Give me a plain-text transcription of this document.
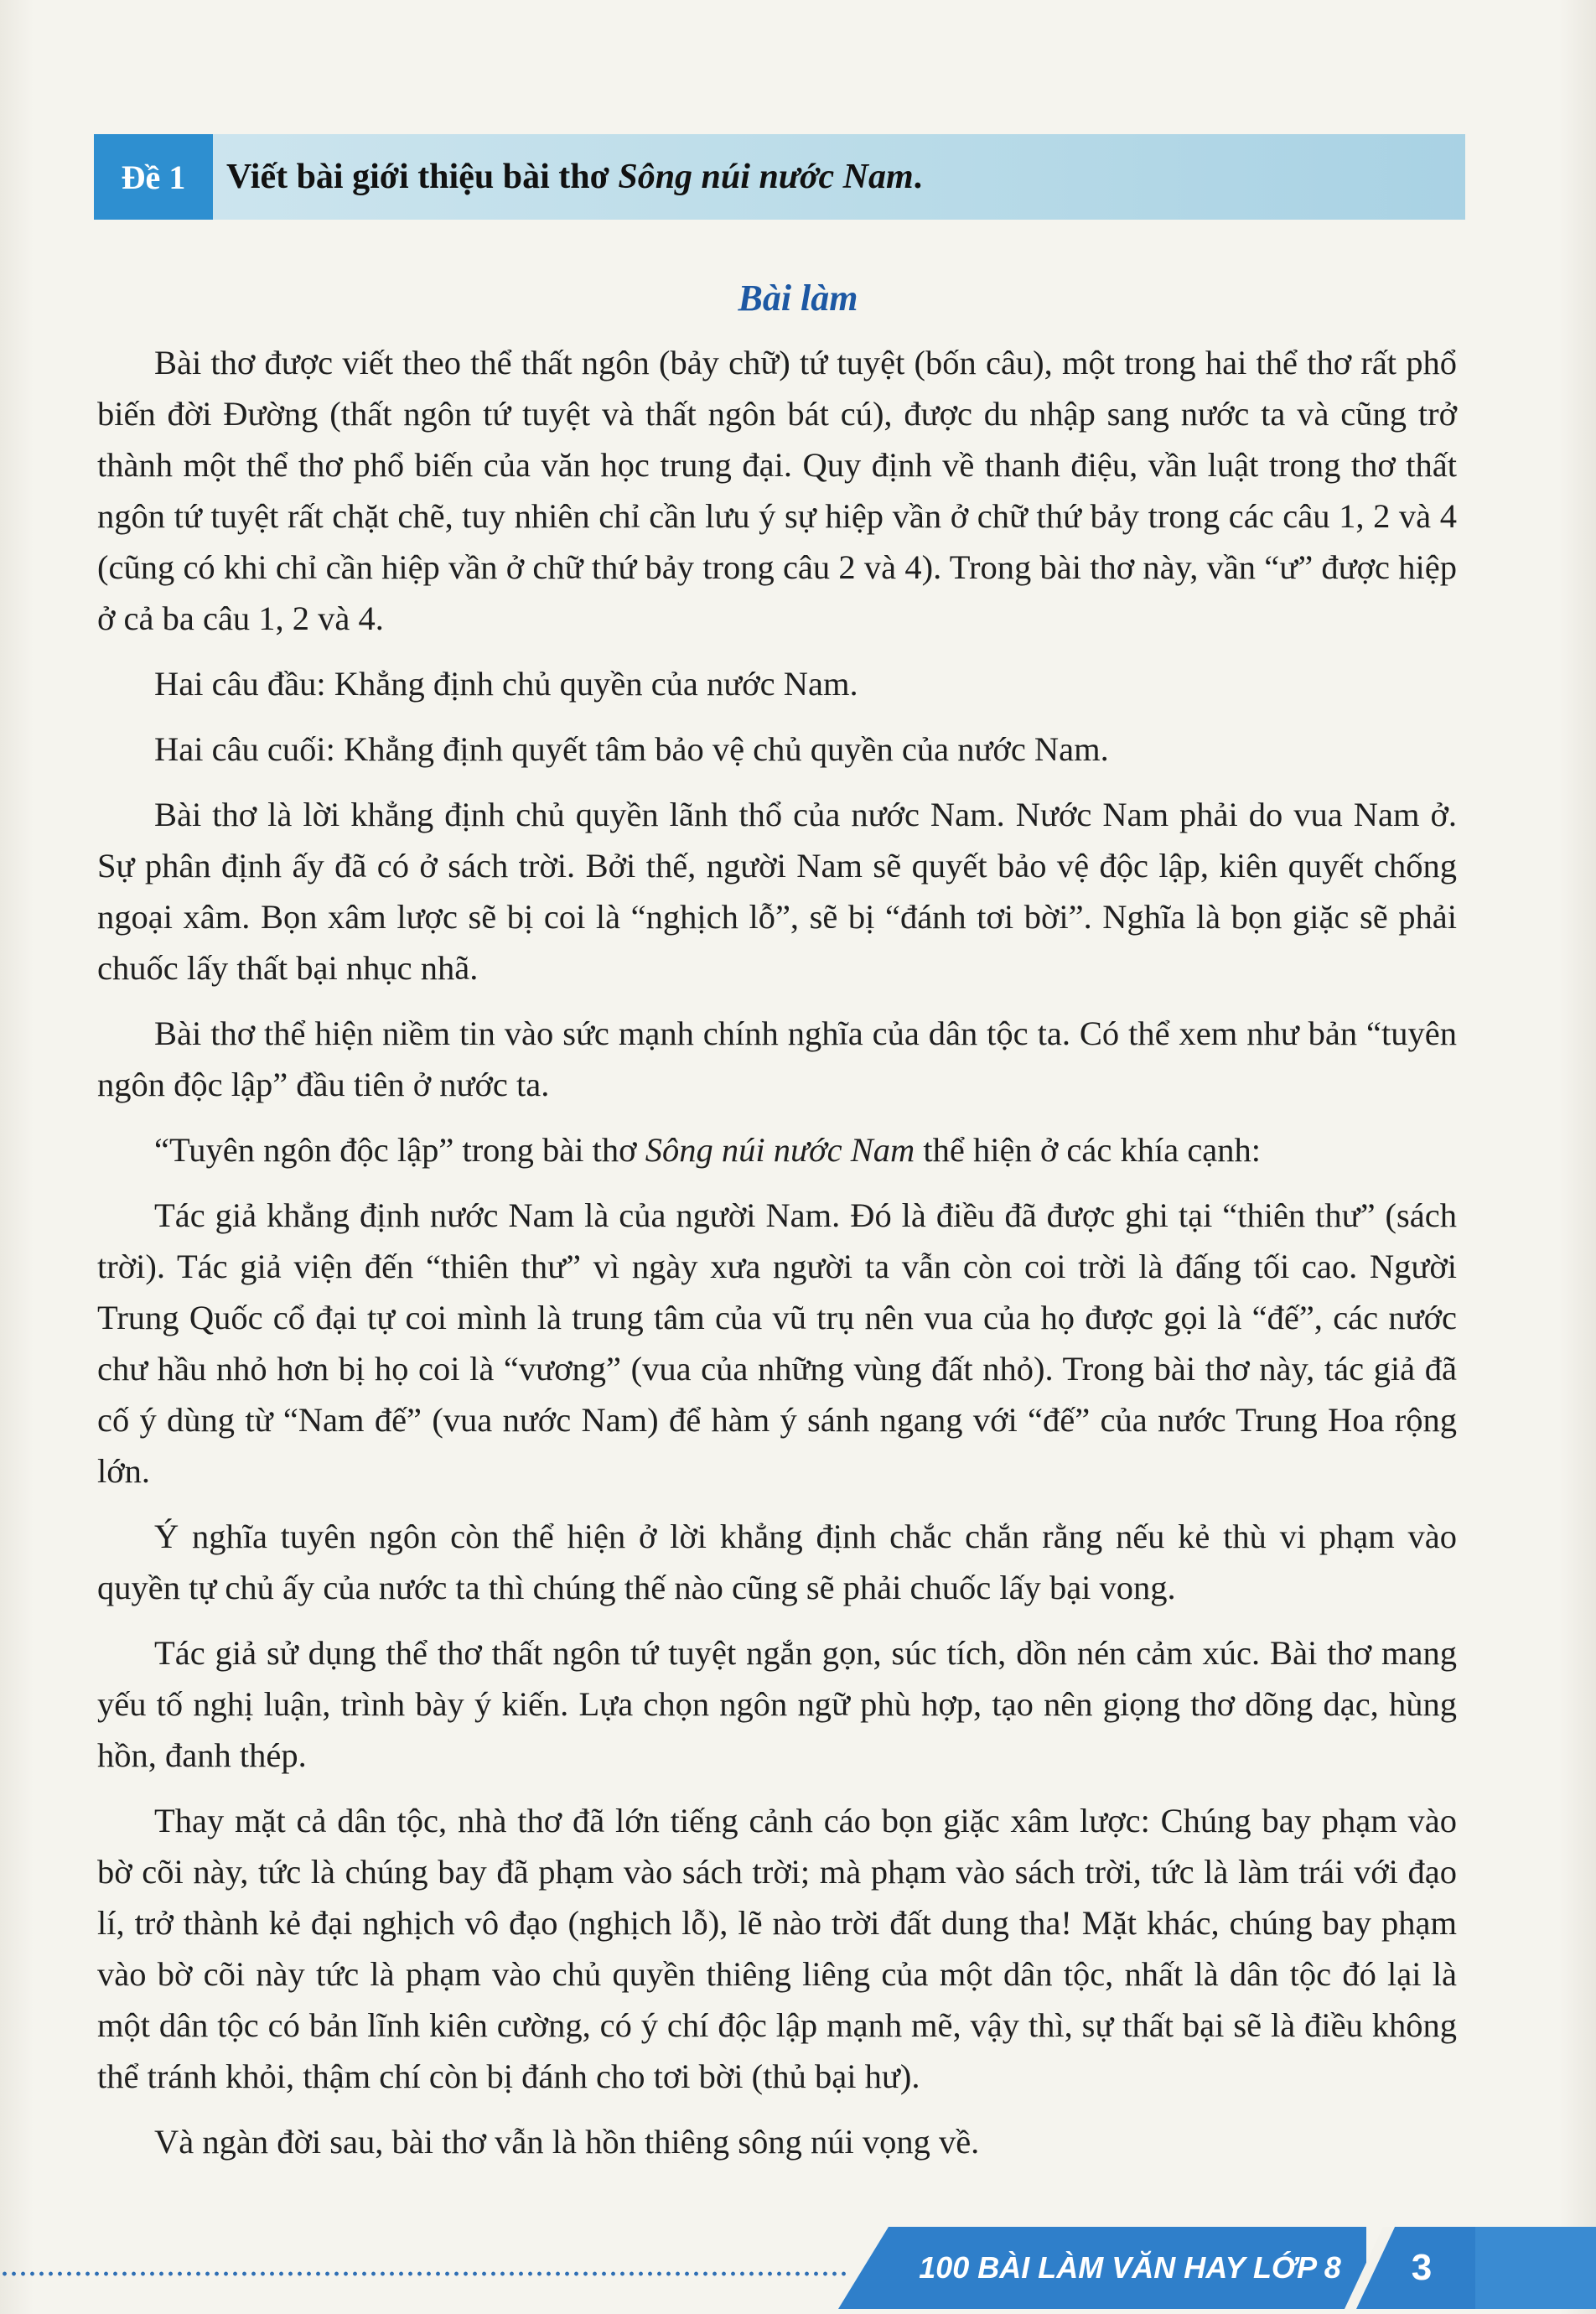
Đề 1	Viết bài giới thiệu bài thơ
Sông núi nước Nam .
Bài làm

Bài thơ được viết theo thể thất ngôn (bảy chữ) tứ tuyệt (bốn câu), một trong hai thể thơ rất phổ biến đời Đường (thất ngôn tứ tuyệt và thất ngôn bát cú), được du nhập sang nước ta và cũng trở thành một thể thơ phổ biến của văn học trung đại. Quy định về thanh điệu, vần luật trong thơ thất ngôn tứ tuyệt rất chặt chẽ, tuy nhiên chỉ cần lưu ý sự hiệp vần ở chữ thứ bảy trong các câu 1, 2 và 4 (cũng có khi chỉ cần hiệp vần ở chữ thứ bảy trong câu 2 và 4). Trong bài thơ này, vần “ư” được hiệp ở cả ba câu 1, 2 và 4.

Hai câu đầu: Khẳng định chủ quyền của nước Nam.

Hai câu cuối: Khẳng định quyết tâm bảo vệ chủ quyền của nước Nam.

Bài thơ là lời khẳng định chủ quyền lãnh thổ của nước Nam. Nước Nam phải do vua Nam ở. Sự phân định ấy đã có ở sách trời. Bởi thế, người Nam sẽ quyết bảo vệ độc lập, kiên quyết chống ngoại xâm. Bọn xâm lược sẽ bị coi là “nghịch lỗ”, sẽ bị “đánh tơi bời”. Nghĩa là bọn giặc sẽ phải chuốc lấy thất bại nhục nhã.

Bài thơ thể hiện niềm tin vào sức mạnh chính nghĩa của dân tộc ta. Có thể xem như bản “tuyên ngôn độc lập” đầu tiên ở nước ta.

“Tuyên ngôn độc lập” trong bài thơ Sông núi nước Nam thể hiện ở các khía cạnh:

Tác giả khẳng định nước Nam là của người Nam. Đó là điều đã được ghi tại “thiên thư” (sách trời). Tác giả viện đến “thiên thư” vì ngày xưa người ta vẫn còn coi trời là đấng tối cao. Người Trung Quốc cổ đại tự coi mình là trung tâm của vũ trụ nên vua của họ được gọi là “đế”, các nước chư hầu nhỏ hơn bị họ coi là “vương” (vua của những vùng đất nhỏ). Trong bài thơ này, tác giả đã cố ý dùng từ “Nam đế” (vua nước Nam) để hàm ý sánh ngang với “đế” của nước Trung Hoa rộng lớn.

Ý nghĩa tuyên ngôn còn thể hiện ở lời khẳng định chắc chắn rằng nếu kẻ thù vi phạm vào quyền tự chủ ấy của nước ta thì chúng thế nào cũng sẽ phải chuốc lấy bại vong.

Tác giả sử dụng thể thơ thất ngôn tứ tuyệt ngắn gọn, súc tích, dồn nén cảm xúc. Bài thơ mang yếu tố nghị luận, trình bày ý kiến. Lựa chọn ngôn ngữ phù hợp, tạo nên giọng thơ dõng dạc, hùng hồn, đanh thép.

Thay mặt cả dân tộc, nhà thơ đã lớn tiếng cảnh cáo bọn giặc xâm lược: Chúng bay phạm vào bờ cõi này, tức là chúng bay đã phạm vào sách trời; mà phạm vào sách trời, tức là làm trái với đạo lí, trở thành kẻ đại nghịch vô đạo (nghịch lỗ), lẽ nào trời đất dung tha! Mặt khác, chúng bay phạm vào bờ cõi này tức là phạm vào chủ quyền thiêng liêng của một dân tộc, nhất là dân tộc đó lại là một dân tộc có bản lĩnh kiên cường, có ý chí độc lập mạnh mẽ, vậy thì, sự thất bại sẽ là điều không thể tránh khỏi, thậm chí còn bị đánh cho tơi bời (thủ bại hư).

Và ngàn đời sau, bài thơ vẫn là hồn thiêng sông núi vọng về.

100 BÀI LÀM VĂN HAY LỚP 8	3
